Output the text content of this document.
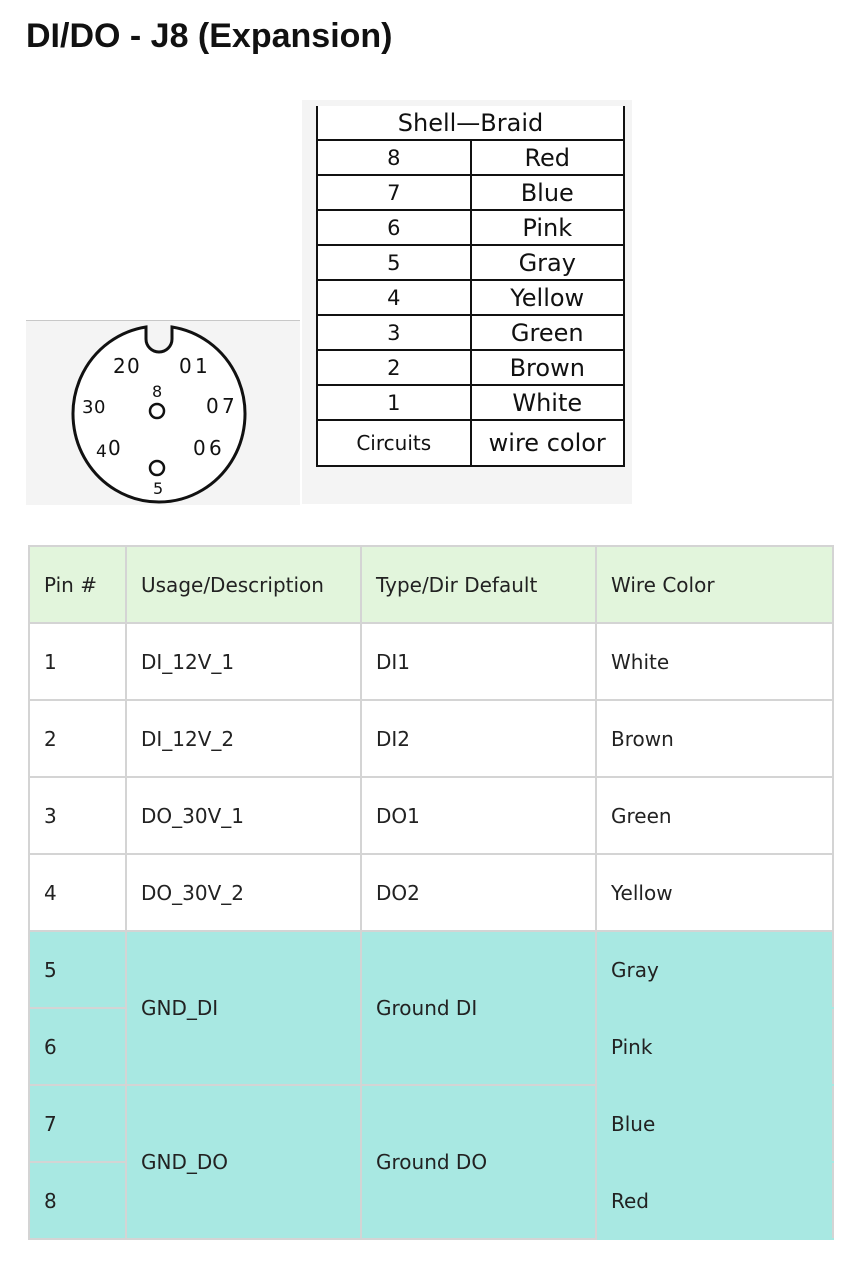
DI/DO - J8 (Expansion)
2 0 0 1
3 0
8
0 7
4 0	0 6
5
Shell—Braid	
8	Red
7	Blue
6	Pink
5	Gray
4	Yellow
3	Green
2	Brown
1	White
Circuits	wire color
Pin #	Usage/Description	Type/Dir Default	Wire Color
1	DI_12V_1	DI1	White
2	DI_12V_2	DI2	Brown
3	DO_30V_1	DO1	Green
4	DO_30V_2	DO2	Yellow
5	GND_DI	Ground DI	Gray
6			Pink
7	GND_DO	Ground DO	Blue
8			Red
